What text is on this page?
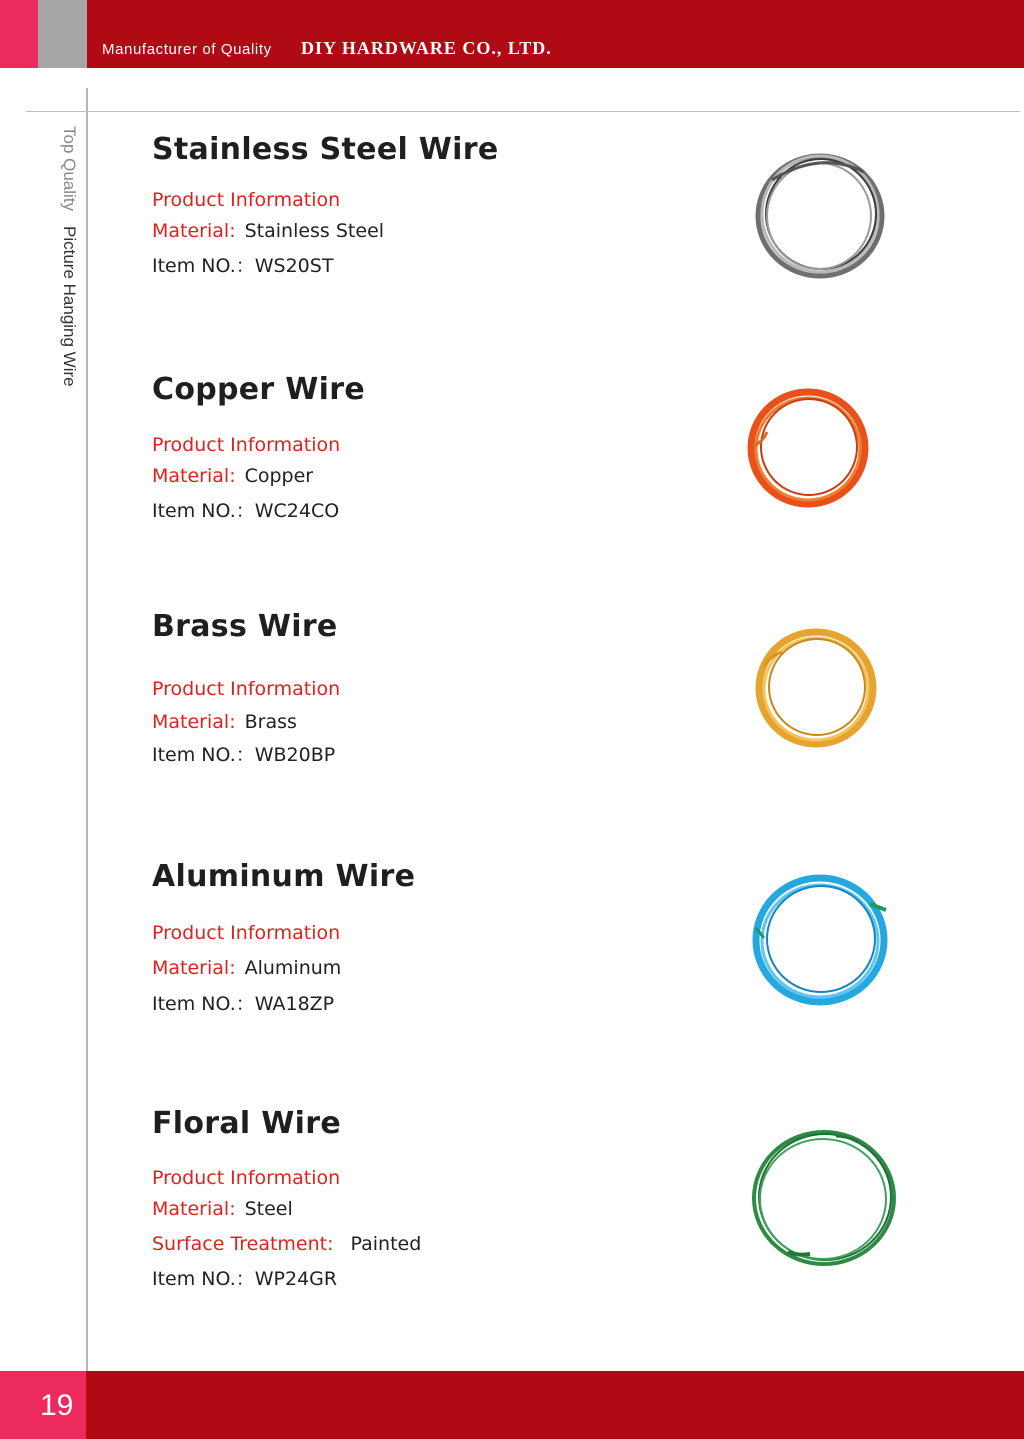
Manufacturer of Quality DIY HARDWARE CO., LTD.
Top Quality Picture Hanging Wire
Stainless Steel Wire
Product Information
Material: Stainless Steel
Item NO.：WS20ST
Copper Wire
Product Information
Material: Copper
Item NO.：WC24CO
Brass Wire
Product Information
Material: Brass
Item NO.：WB20BP
Aluminum Wire
Product Information
Material: Aluminum
Item NO.：WA18ZP
Floral Wire
Product Information
Material: Steel
Surface Treatment: Painted
Item NO.：WP24GR
19
